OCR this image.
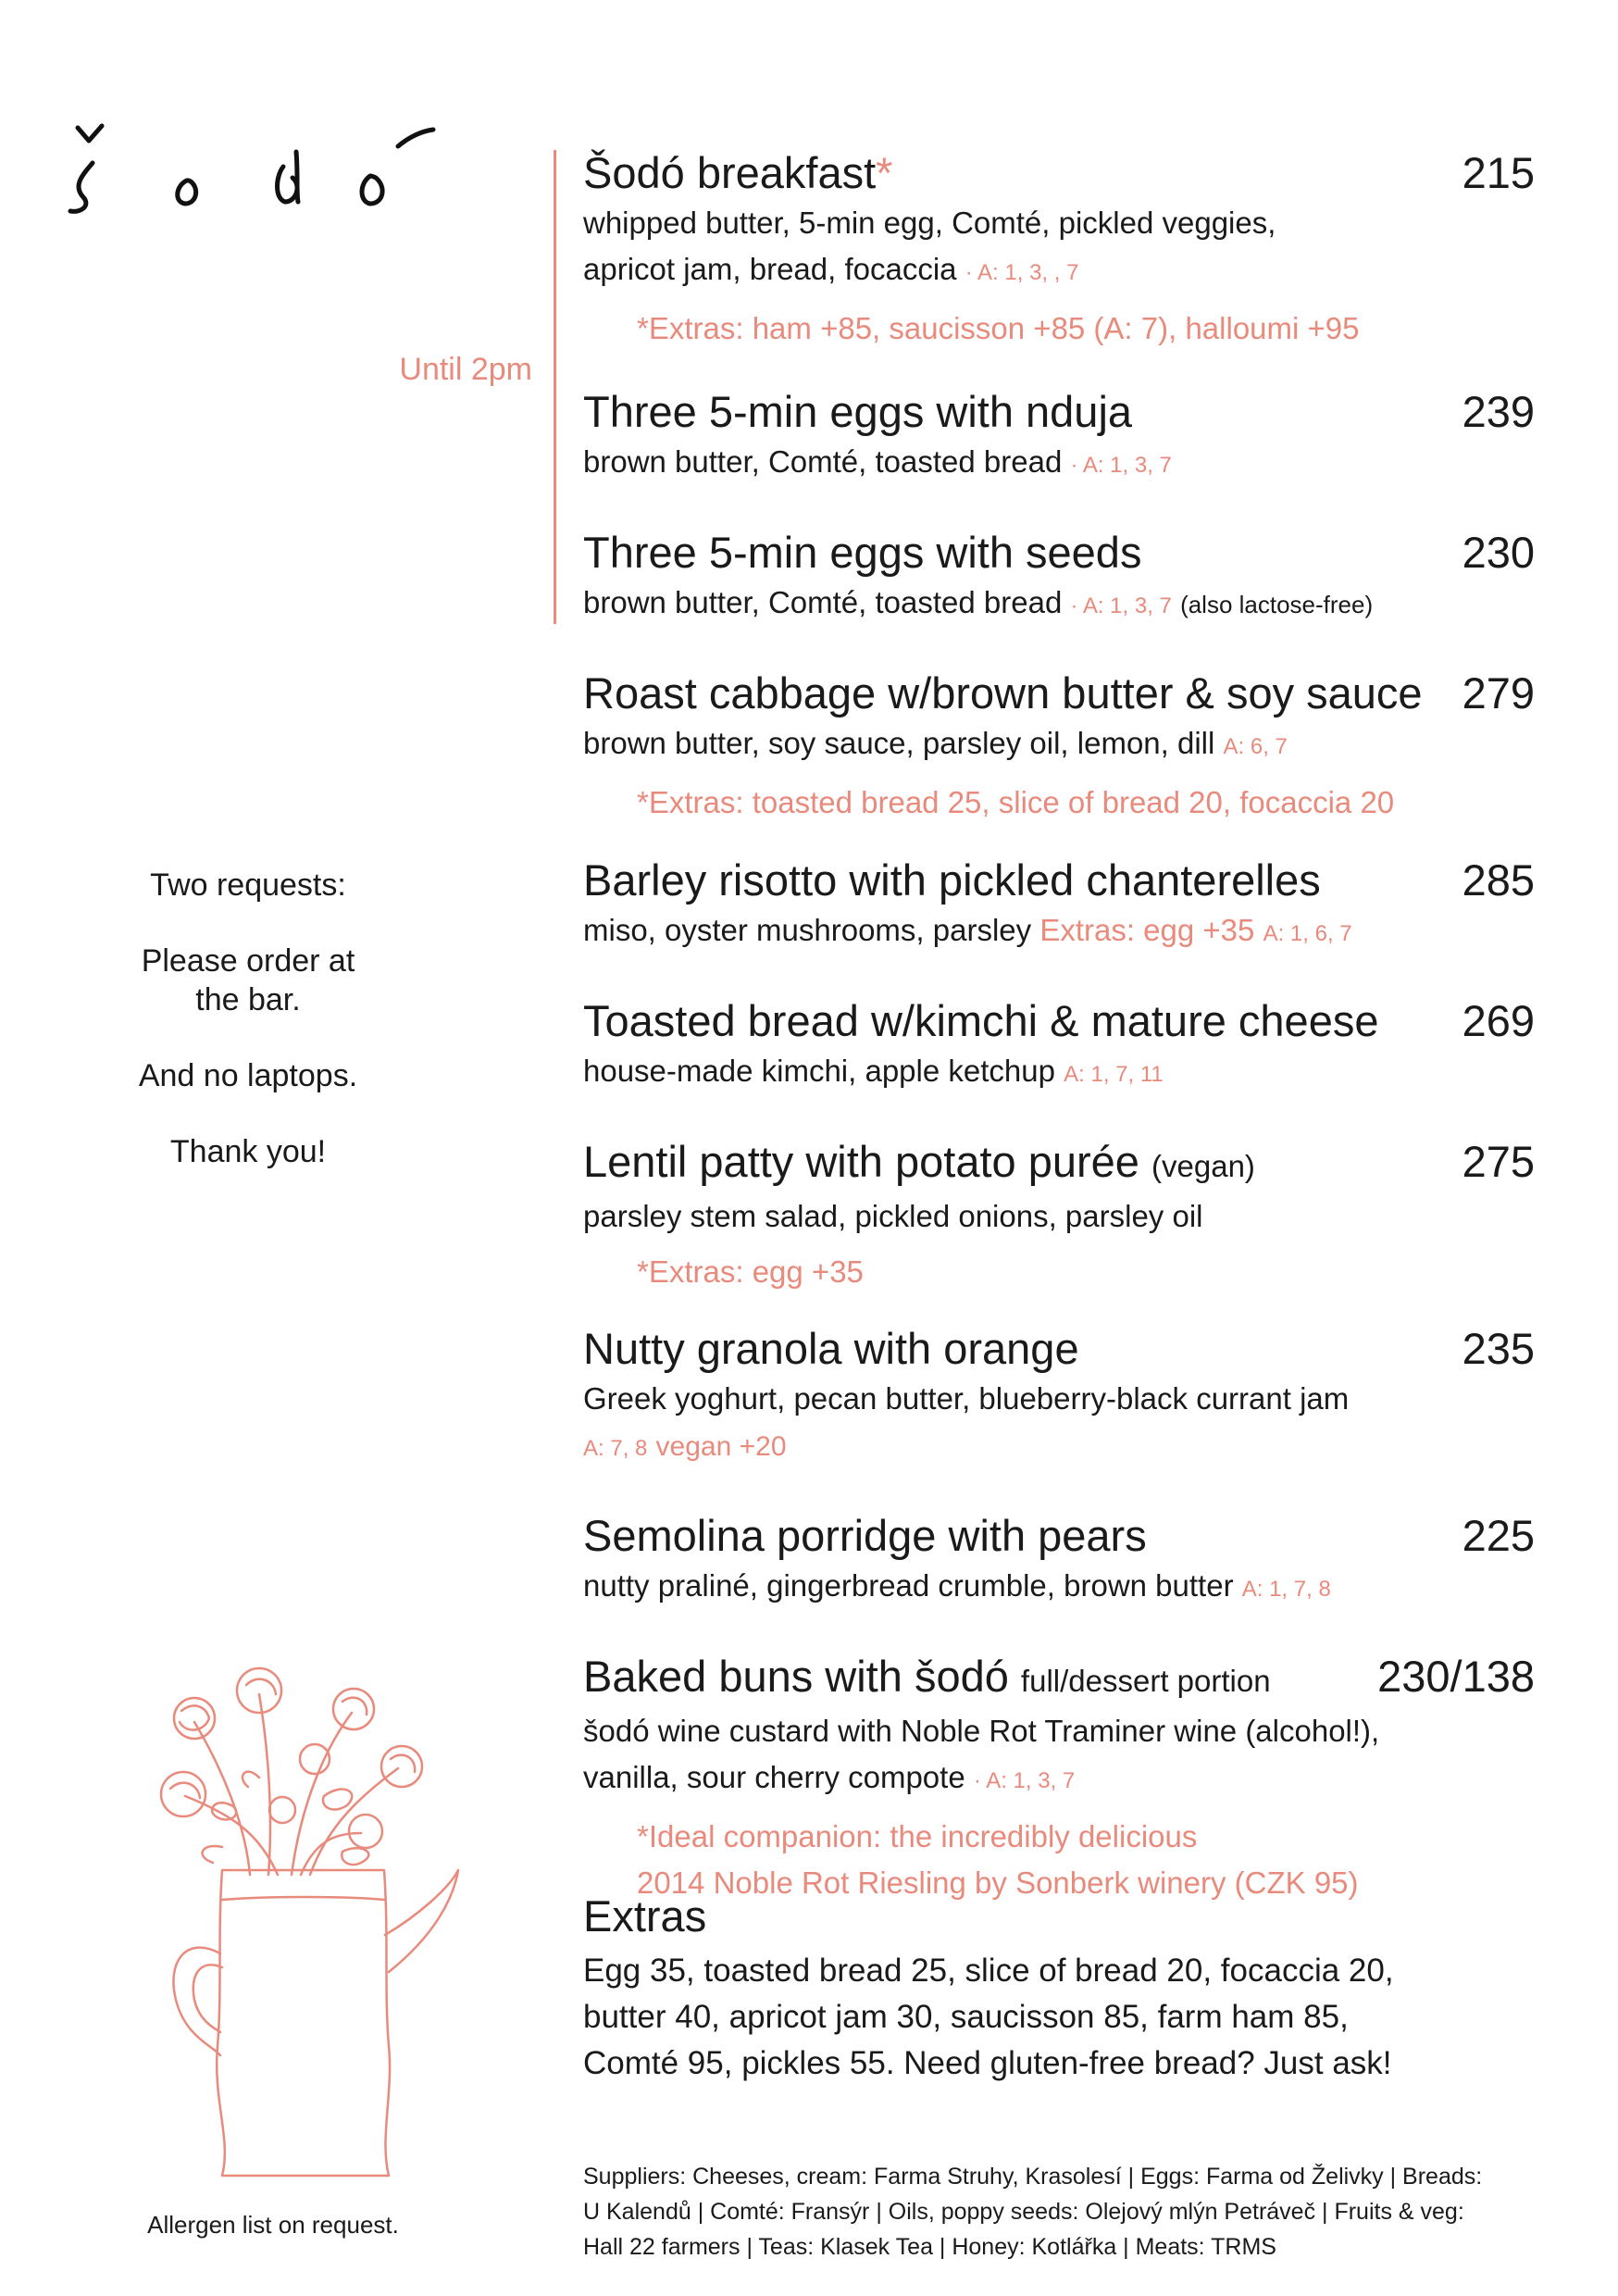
šodó
Until 2pm

Two requests:

Please order at the bar.

And no laptops.

Thank you!

Allergen list on request.
Šodó breakfast*	215
whipped butter, 5-min egg, Comté, pickled veggies,
apricot jam, bread, focaccia · A: 1, 3, , 7
*Extras: ham +85, saucisson +85 (A: 7), halloumi +95
Three 5-min eggs with nduja	239
brown butter, Comté, toasted bread · A: 1, 3, 7
Three 5-min eggs with seeds	230
brown butter, Comté, toasted bread · A: 1, 3, 7 (also lactose-free)
Roast cabbage w/brown butter & soy sauce 279
brown butter, soy sauce, parsley oil, lemon, dill A: 6, 7
*Extras: toasted bread 25, slice of bread 20, focaccia 20
Barley risotto with pickled chanterelles	285
miso, oyster mushrooms, parsley Extras: egg +35 A: 1, 6, 7
Toasted bread w/kimchi & mature cheese 269
house-made kimchi, apple ketchup A: 1, 7, 11
Lentil patty with potato purée (vegan)	275
parsley stem salad, pickled onions, parsley oil
*Extras: egg +35
Nutty granola with orange	235
Greek yoghurt, pecan butter, blueberry-black currant jam
A: 7, 8 vegan +20
Semolina porridge with pears	225
nutty praliné, gingerbread crumble, brown butter A: 1, 7, 8
Baked buns with šodó full/dessert portion 230/138
šodó wine custard with Noble Rot Traminer wine (alcohol!),
vanilla, sour cherry compote · A: 1, 3, 7
*Ideal companion: the incredibly delicious
2014 Noble Rot Riesling by Sonberk winery (CZK 95)
Extras
Egg 35, toasted bread 25, slice of bread 20, focaccia 20,
butter 40, apricot jam 30, saucisson 85, farm ham 85,
Comté 95, pickles 55. Need gluten-free bread? Just ask!
Suppliers: Cheeses, cream: Farma Struhy, Krasolesí | Eggs: Farma od Želivky | Breads:
U Kalendů | Comté: Fransýr | Oils, poppy seeds: Olejový mlýn Petráveč | Fruits & veg:
Hall 22 farmers | Teas: Klasek Tea | Honey: Kotlářka | Meats: TRMS
